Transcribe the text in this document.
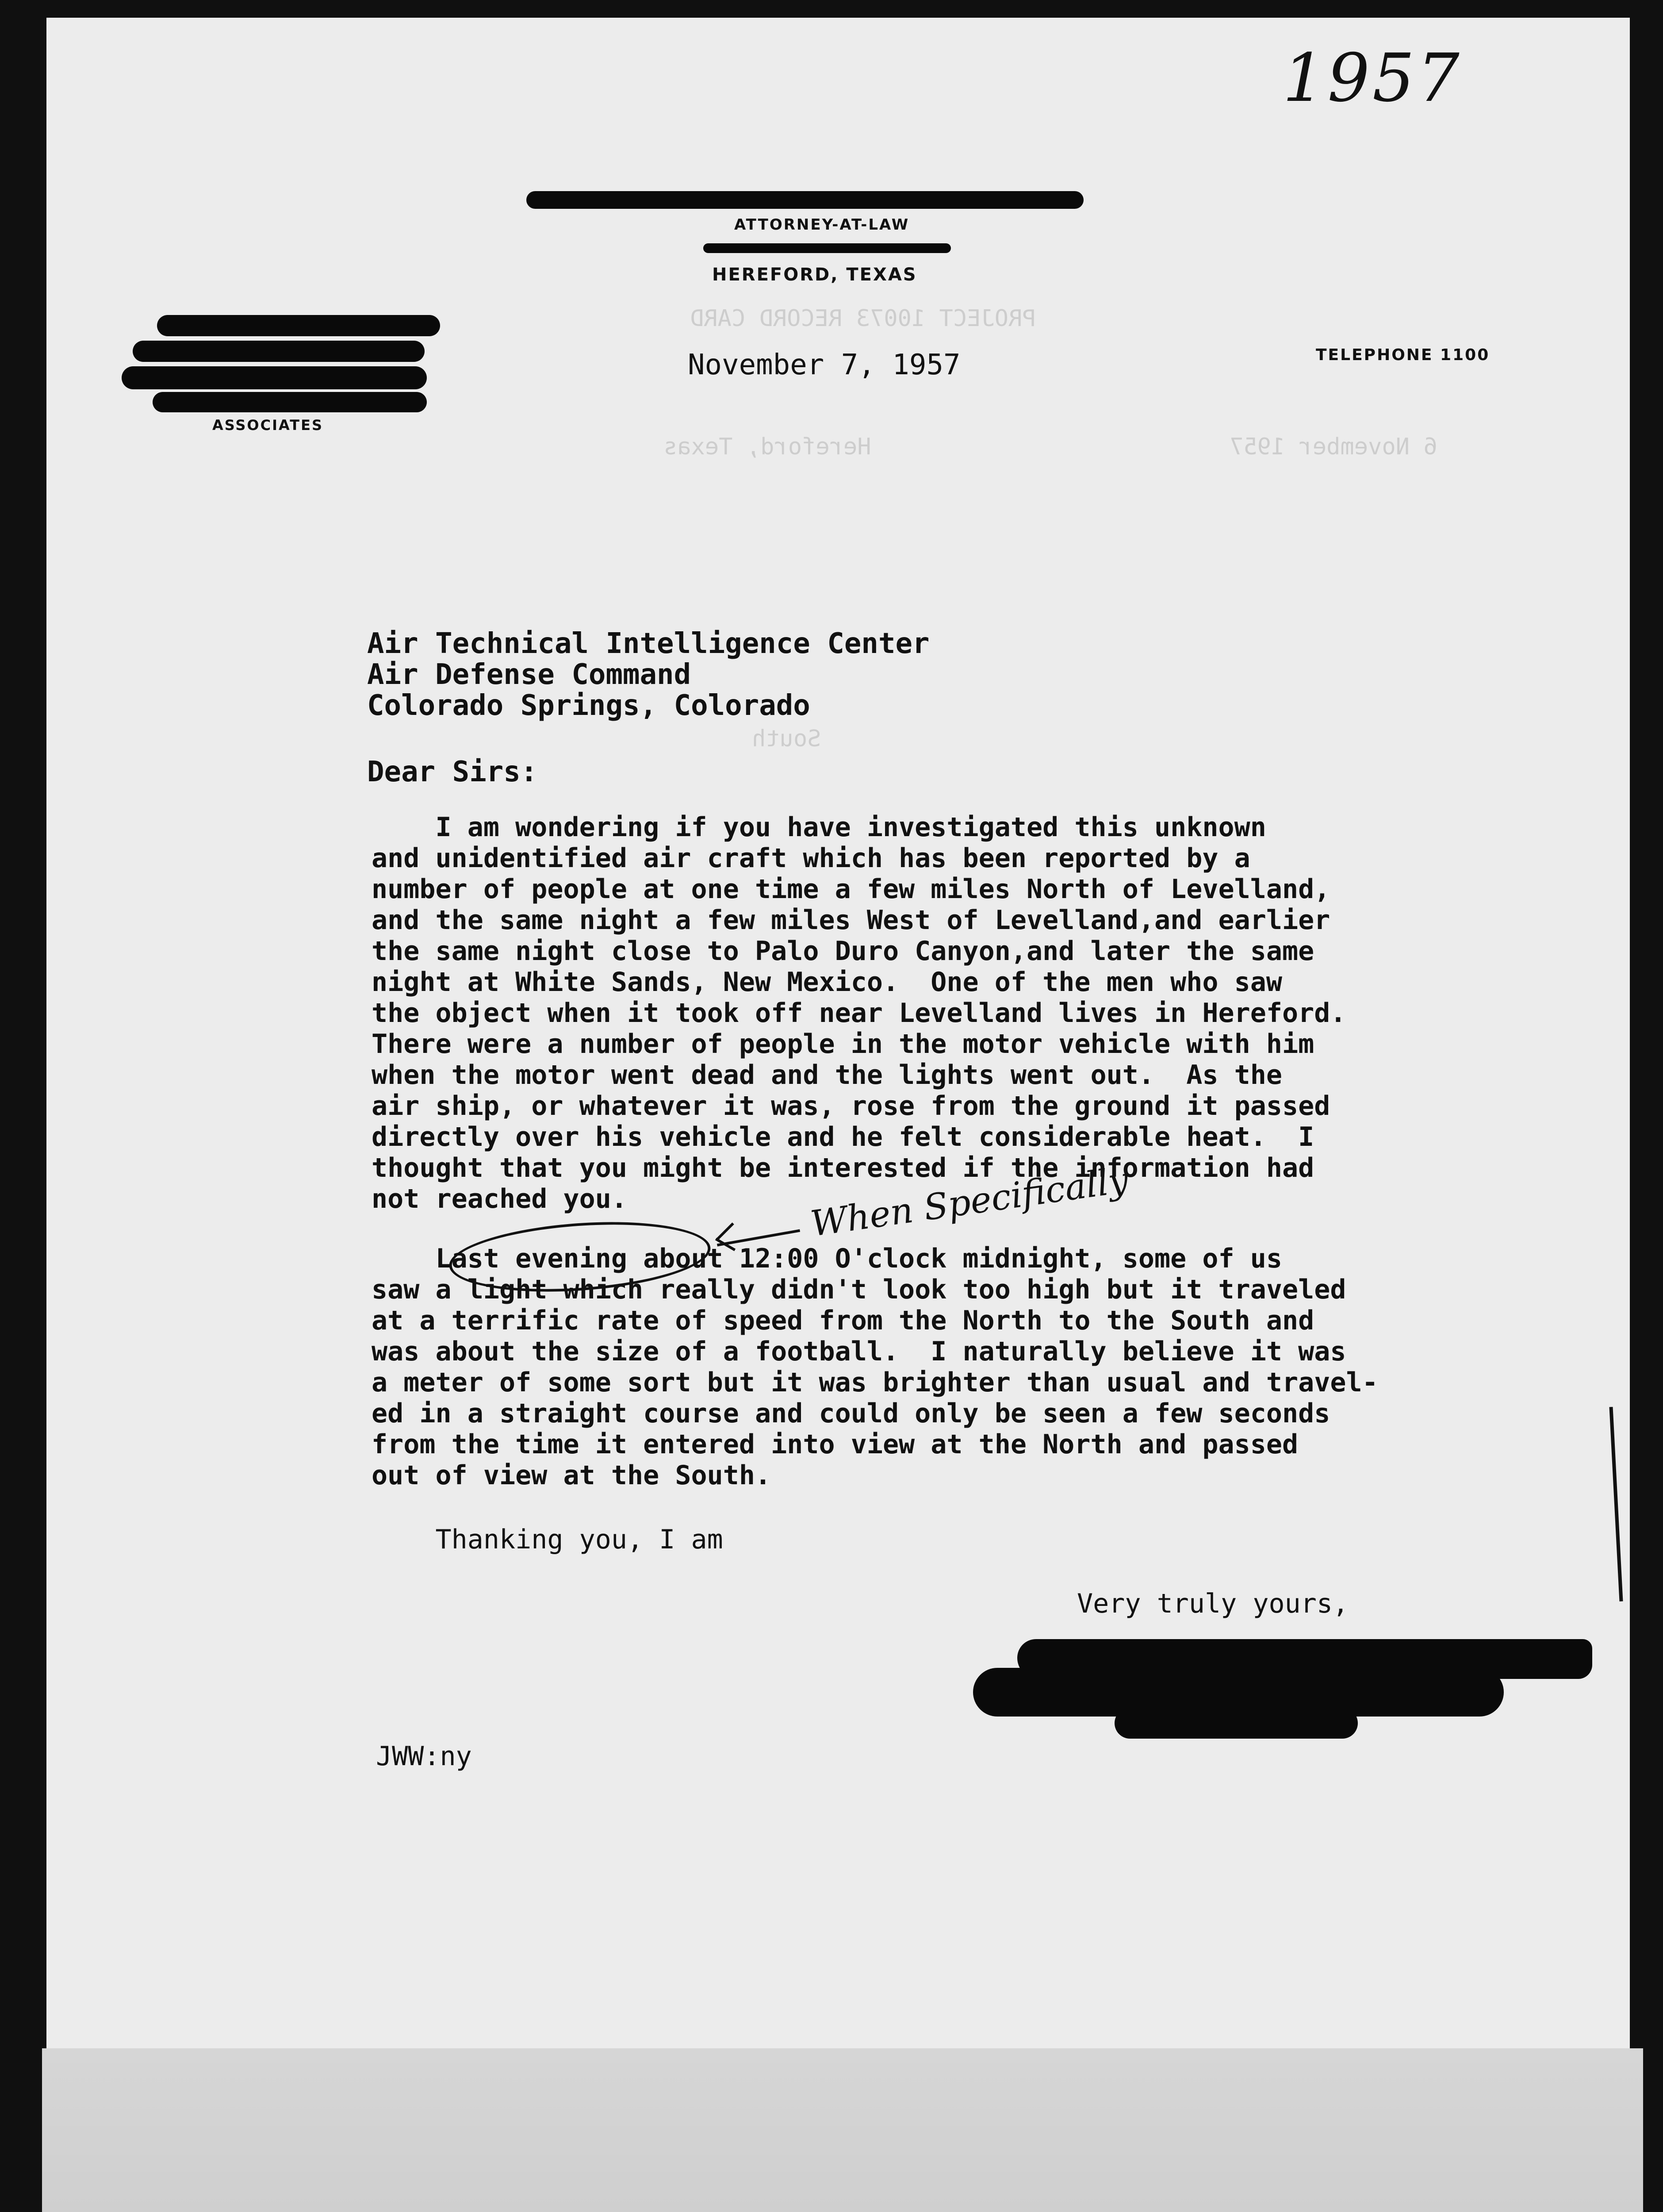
PROJECT 10073 RECORD CARD
Hereford, Texas	6 November 1957
South
1957
ATTORNEY-AT-LAW
HEREFORD, TEXAS
ASSOCIATES
TELEPHONE 1100
November 7, 1957
Air Technical Intelligence Center
Air Defense Command
Colorado Springs, Colorado
Dear Sirs:
I am wondering if you have investigated this unknown
and unidentified air craft which has been reported by a
number of people at one time a few miles North of Levelland,
and the same night a few miles West of Levelland,and earlier
the same night close to Palo Duro Canyon,and later the same
night at White Sands, New Mexico.  One of the men who saw
the object when it took off near Levelland lives in Hereford.
There were a number of people in the motor vehicle with him
when the motor went dead and the lights went out.  As the
air ship, or whatever it was, rose from the ground it passed
directly over his vehicle and he felt considerable heat.  I
thought that you might be interested if the information had
not reached you.	When Specifically
Last evening about 12:00 O'clock midnight, some of us
saw a light which really didn't look too high but it traveled
at a terrific rate of speed from the North to the South and
was about the size of a football.  I naturally believe it was
a meter of some sort but it was brighter than usual and travel-
ed in a straight course and could only be seen a few seconds
from the time it entered into view at the North and passed
out of view at the South.
Thanking you, I am
Very truly yours,
JWW:ny
